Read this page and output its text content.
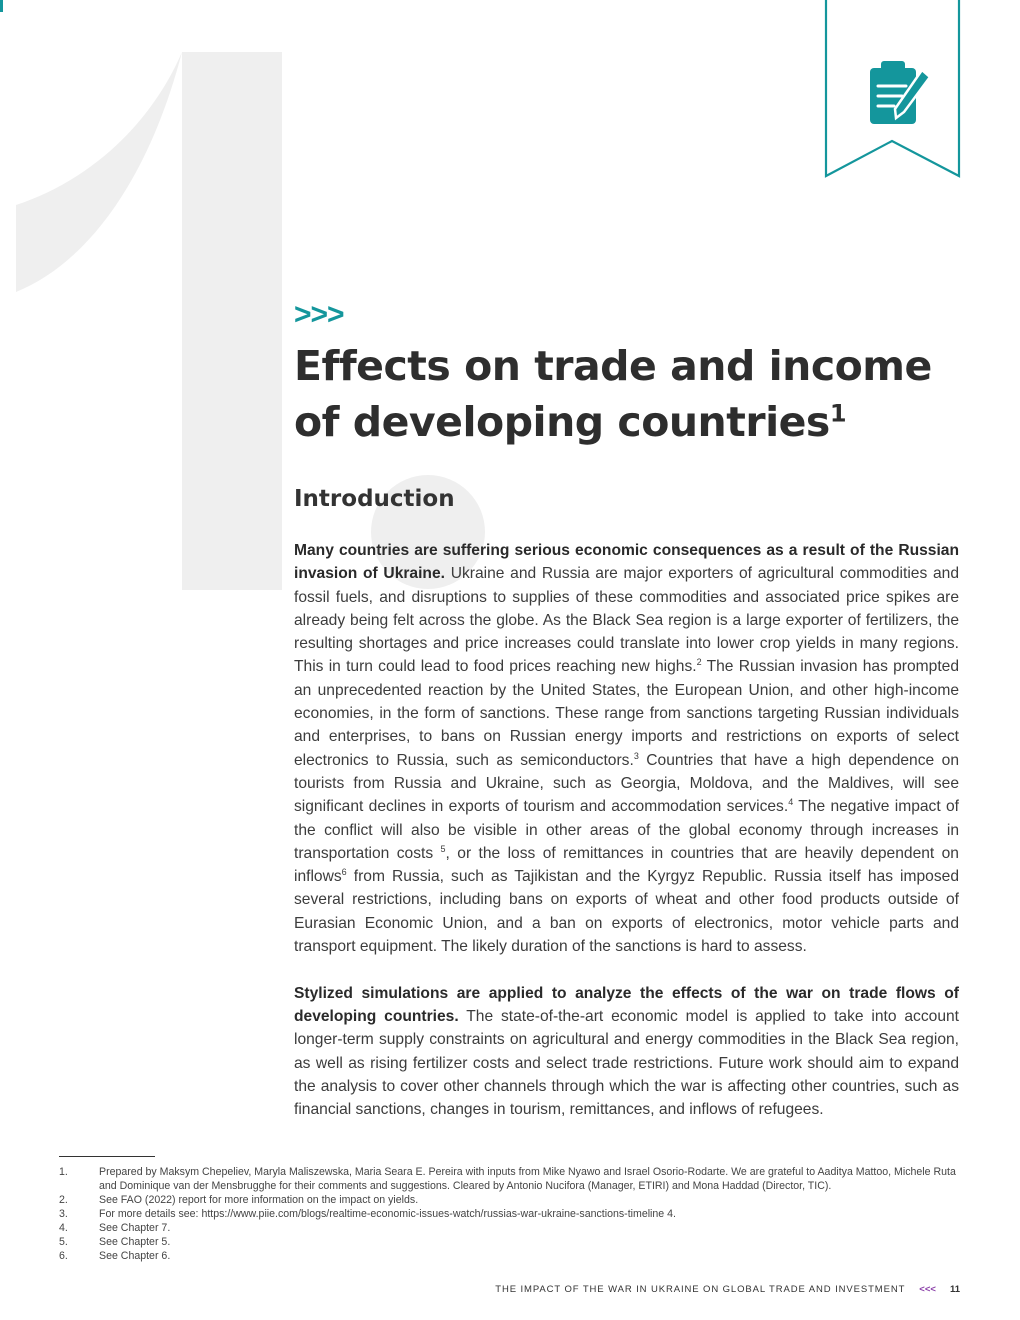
>>>
Effects on trade and income of developing countries$^1$
Introduction

Many countries are suffering serious economic consequences as a result of the Russian invasion of Ukraine. Ukraine and Russia are major exporters of agricultural commodities and fossil fuels, and disruptions to supplies of these commodities and associated price spikes are already being felt across the globe. As the Black Sea region is a large exporter of fertilizers, the resulting shortages and price increases could translate into lower crop yields in many regions. This in turn could lead to food prices reaching new highs.$^2$ The Russian invasion has prompted an unprecedented reaction by the United States, the European Union, and other high-income economies, in the form of sanctions. These range from sanctions targeting Russian individuals and enterprises, to bans on Russian energy imports and restrictions on exports of select electronics to Russia, such as semiconductors.$^3$ Countries that have a high dependence on tourists from Russia and Ukraine, such as Georgia, Moldova, and the Maldives, will see significant declines in exports of tourism and accommodation services.$^4$ The negative impact of the conflict will also be visible in other areas of the global economy through increases in transportation costs $^5$, or the loss of remittances in countries that are heavily dependent on inflows$^6$ from Russia, such as Tajikistan and the Kyrgyz Republic. Russia itself has imposed several restrictions, including bans on exports of wheat and other food products outside of Eurasian Economic Union, and a ban on exports of electronics, motor vehicle parts and transport equipment. The likely duration of the sanctions is hard to assess.

Stylized simulations are applied to analyze the effects of the war on trade flows of developing countries. The state-of-the-art economic model is applied to take into account longer-term supply constraints on agricultural and energy commodities in the Black Sea region, as well as rising fertilizer costs and select trade restrictions. Future work should aim to expand the analysis to cover other channels through which the war is affecting other countries, such as financial sanctions, changes in tourism, remittances, and inflows of refugees.

1.	Prepared by Maksym Chepeliev, Maryla Maliszewska, Maria Seara E. Pereira with inputs from Mike Nyawo and Israel Osorio-Rodarte. We are grateful to Aaditya Mattoo, Michele Ruta and Dominique van der Mensbrugghe for their comments and suggestions. Cleared by Antonio Nucifora (Manager, ETIRI) and Mona Haddad (Director, TIC).
2.	See FAO (2022) report for more information on the impact on yields.
3.	For more details see: https://www.piie.com/blogs/realtime-economic-issues-watch/russias-war-ukraine-sanctions-timeline 4.
4.	See Chapter 7.
5.	See Chapter 5.
6.	See Chapter 6.
THE IMPACT OF THE WAR IN UKRAINE ON GLOBAL TRADE AND INVESTMENT <<< 11
